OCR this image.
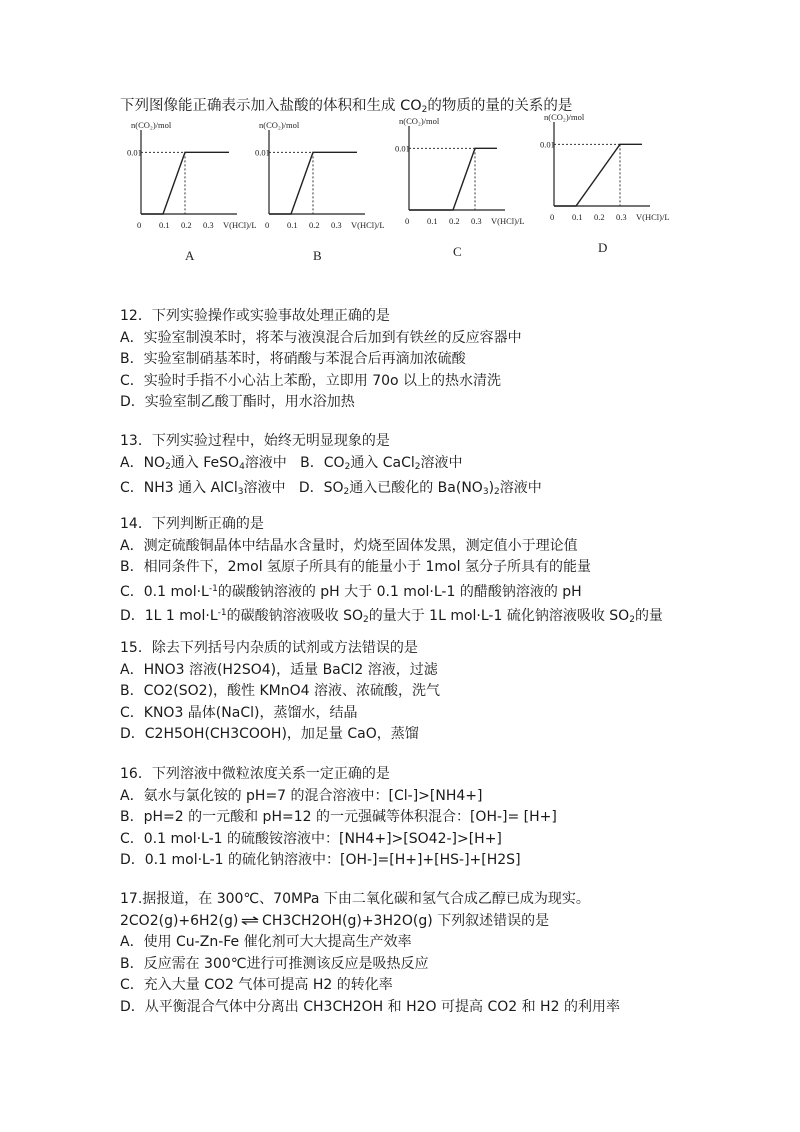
下列图像能正确表示加入盐酸的体积和生成 $CO_2$的物质的量的关系的是
n(CO₂)/mol
0.01
0 0.1 0.2 0.3 V(HCl)/L
A
n(CO₂)/mol
0.01
0 0.1 0.2 0.3 V(HCl)/L
B
n(CO₂)/mol
0.01
0 0.1 0.2 0.3 V(HCl)/L
C
n(CO₂)/mol
0.01
0 0.1 0.2 0.3 V(HCl)/L
D
12．下列实验操作或实验事故处理正确的是
A．实验室制溴苯时，将苯与液溴混合后加到有铁丝的反应容器中
B．实验室制硝基苯时，将硝酸与苯混合后再滴加浓硫酸
C．实验时手指不小心沾上苯酚，立即用 70o 以上的热水清洗
D．实验室制乙酸丁酯时，用水浴加热
13．下列实验过程中，始终无明显现象的是
A．$NO_2$通入 FeSO$_4$溶液中 B．$CO_2$通入 CaCl$_2$溶液中
C．NH3 通入 AlCl$_3$溶液中 D．$SO_2$通入已酸化的 $Ba(NO_3)_2$溶液中
14．下列判断正确的是
A．测定硫酸铜晶体中结晶水含量时，灼烧至固体发黑，测定值小于理论值
B．相同条件下，2mol 氢原子所具有的能量小于 1mol 氢分子所具有的能量
C．0.1 $mol\cdot L^{-1}$的碳酸钠溶液的 pH 大于 0.1 mol·L-1 的醋酸钠溶液的 pH
D．1L 1 $mol\cdot L^{-1}$的碳酸钠溶液吸收 $SO_2$的量大于 1L mol·L-1 硫化钠溶液吸收 $SO_2$的量
15．除去下列括号内杂质的试剂或方法错误的是
A．HNO3 溶液(H2SO4)，适量 BaCl2 溶液，过滤
B．CO2(SO2)，酸性 KMnO4 溶液、浓硫酸，洗气
C．KNO3 晶体(NaCl)，蒸馏水，结晶
D．C2H5OH(CH3COOH)，加足量 CaO，蒸馏
16．下列溶液中微粒浓度关系一定正确的是
A．氨水与氯化铵的 pH=7 的混合溶液中：[Cl-]>[NH4+]
B．pH=2 的一元酸和 pH=12 的一元强碱等体积混合：[OH-]= [H+]
C．0.1 mol·L-1 的硫酸铵溶液中：[NH4+]>[SO42-]>[H+]
D．0.1 mol·L-1 的硫化钠溶液中：[OH-]=[H+]+[HS-]+[H2S]
17.据报道，在 300℃、70MPa 下由二氧化碳和氢气合成乙醇已成为现实。
2CO2(g)+6H2(g) ⇌ CH3CH2OH(g)+3H2O(g) 下列叙述错误的是
A．使用 Cu-Zn-Fe 催化剂可大大提高生产效率
B．反应需在 300℃进行可推测该反应是吸热反应
C．充入大量 CO2 气体可提高 H2 的转化率
D．从平衡混合气体中分离出 CH3CH2OH 和 H2O 可提高 CO2 和 H2 的利用率
